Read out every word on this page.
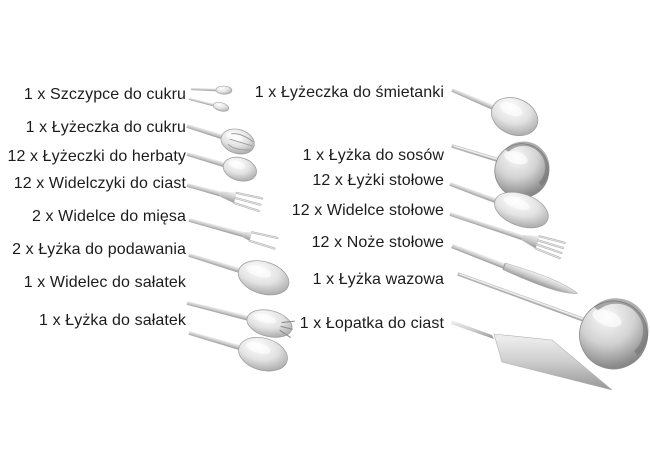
1 x Szczypce do cukru
1 x Łyżeczka do cukru
12 x Łyżeczki do herbaty
12 x Widelczyki do ciast
2 x Widelce do mięsa
2 x Łyżka do podawania
1 x Widelec do sałatek
1 x Łyżka do sałatek
1 x Łyżeczka do śmietanki
1 x Łyżka do sosów
12 x Łyżki stołowe
12 x Widelce stołowe
12 x Noże stołowe
1 x Łyżka wazowa
1 x Łopatka do ciast
